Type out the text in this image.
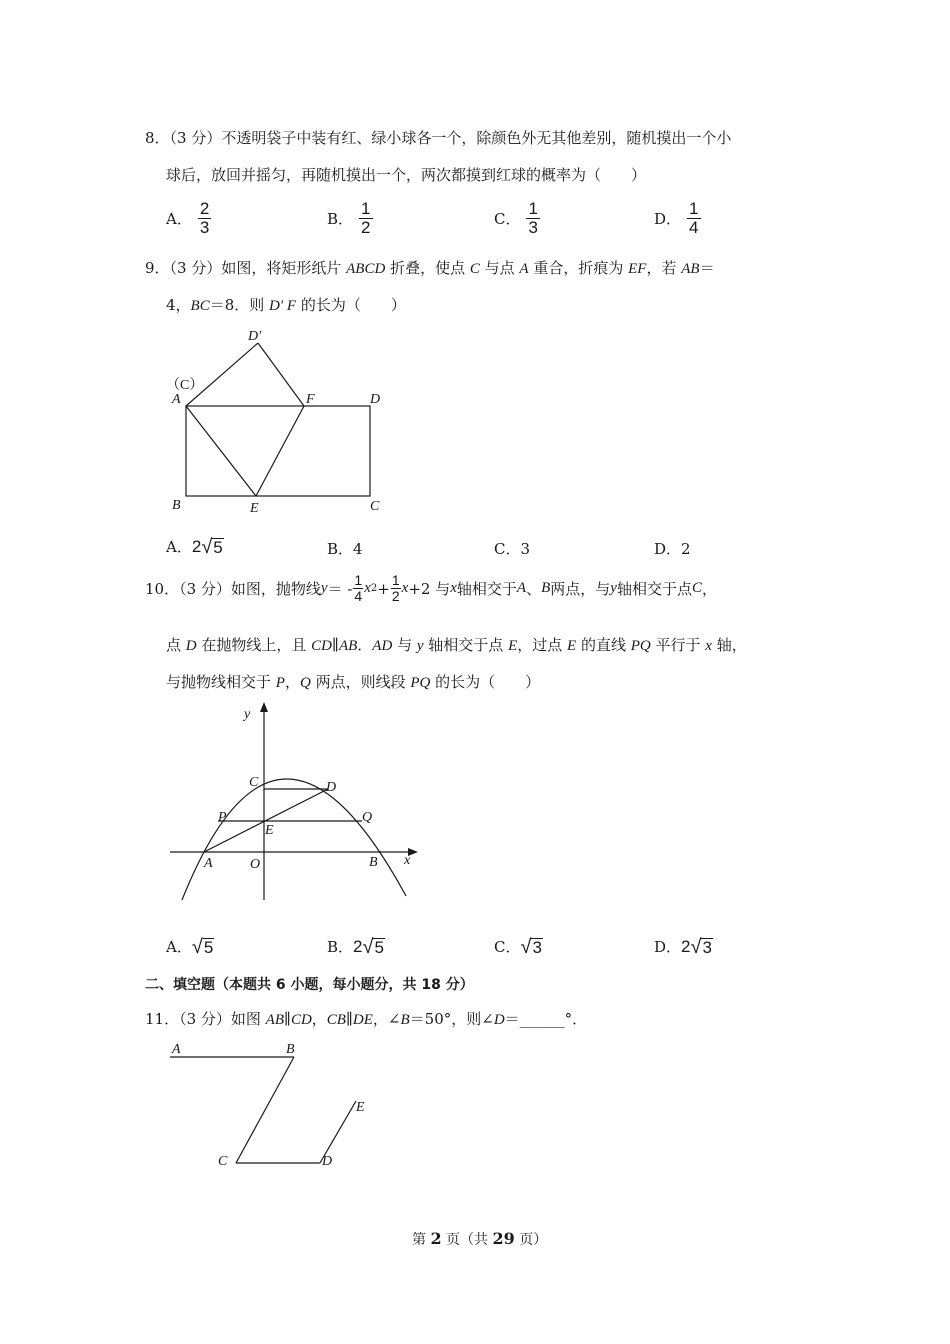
8．（3 分）不透明袋子中装有红、绿小球各一个，除颜色外无其他差别，随机摸出一个小
球后，放回并摇匀，再随机摸出一个，两次都摸到红球的概率为（　　）
A． $\frac{2}{3}$	B． $\frac{1}{2}$	C． $\frac{1}{3}$	D． $\frac{1}{4}$
9．（3 分）如图，将矩形纸片 ABCD 折叠，使点 C 与点 A 重合，折痕为 EF，若 AB＝
4，BC＝8．则 D′ F 的长为（　　）

D′
（C）
A	F	D
B	E	C
A． 2 √ 5	B． 4	C． 3	D． 2
10．（3 分）如图，抛物线 y ＝ - $\frac{1}{4}$ x $2 + \frac{1}{2}$ x +2 与 x 轴相交于 A 、 B 两点，与 y 轴相交于点 C ，
点 D 在抛物线上，且 CD∥AB．AD 与 y 轴相交于点 E，过点 E 的直线 PQ 平行于 x 轴，
与抛物线相交于 P，Q 两点，则线段 PQ 的长为（　　）

y
x
C	D
P	Q
E
A	O	B
A． √ 5	B． 2 √ 5	C． √ 3	D． 2 √ 3
二、填空题（本题共 6 小题，每小题分，共 18 分）
11．（3 分）如图 AB∥CD，CB∥DE，∠B＝50°，则∠D＝______°．

A	B
E
C	D
第 2 页（共 29 页）
